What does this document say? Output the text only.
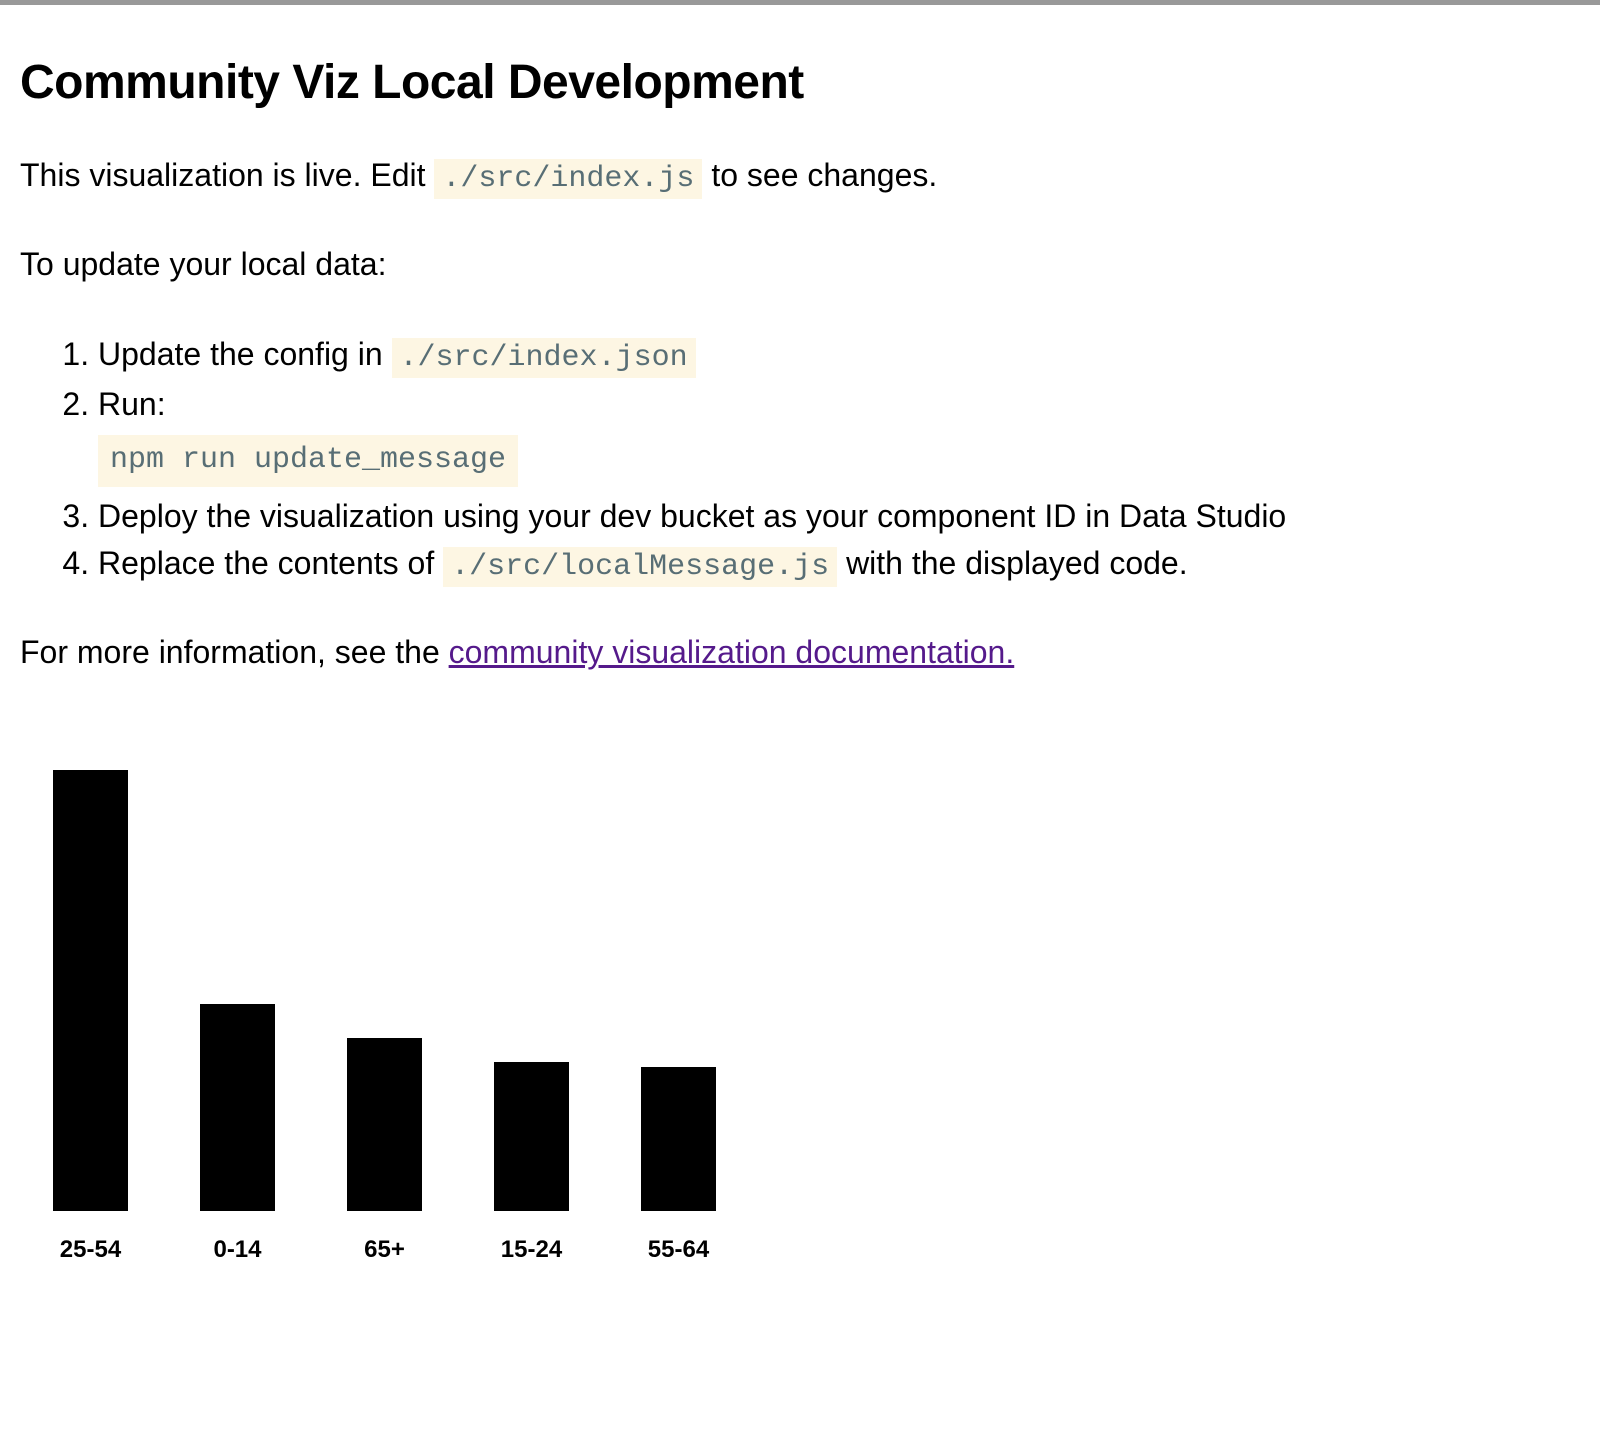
Community Viz Local Development

This visualization is live. Edit ./src/index.js to see changes.

To update your local data:

1. Update the config in ./src/index.json
2. Run:
npm run update_message
3. Deploy the visualization using your dev bucket as your component ID in Data Studio
4. Replace the contents of ./src/localMessage.js with the displayed code.

For more information, see the community visualization documentation.

25-54	0-14	65+	15-24	55-64
